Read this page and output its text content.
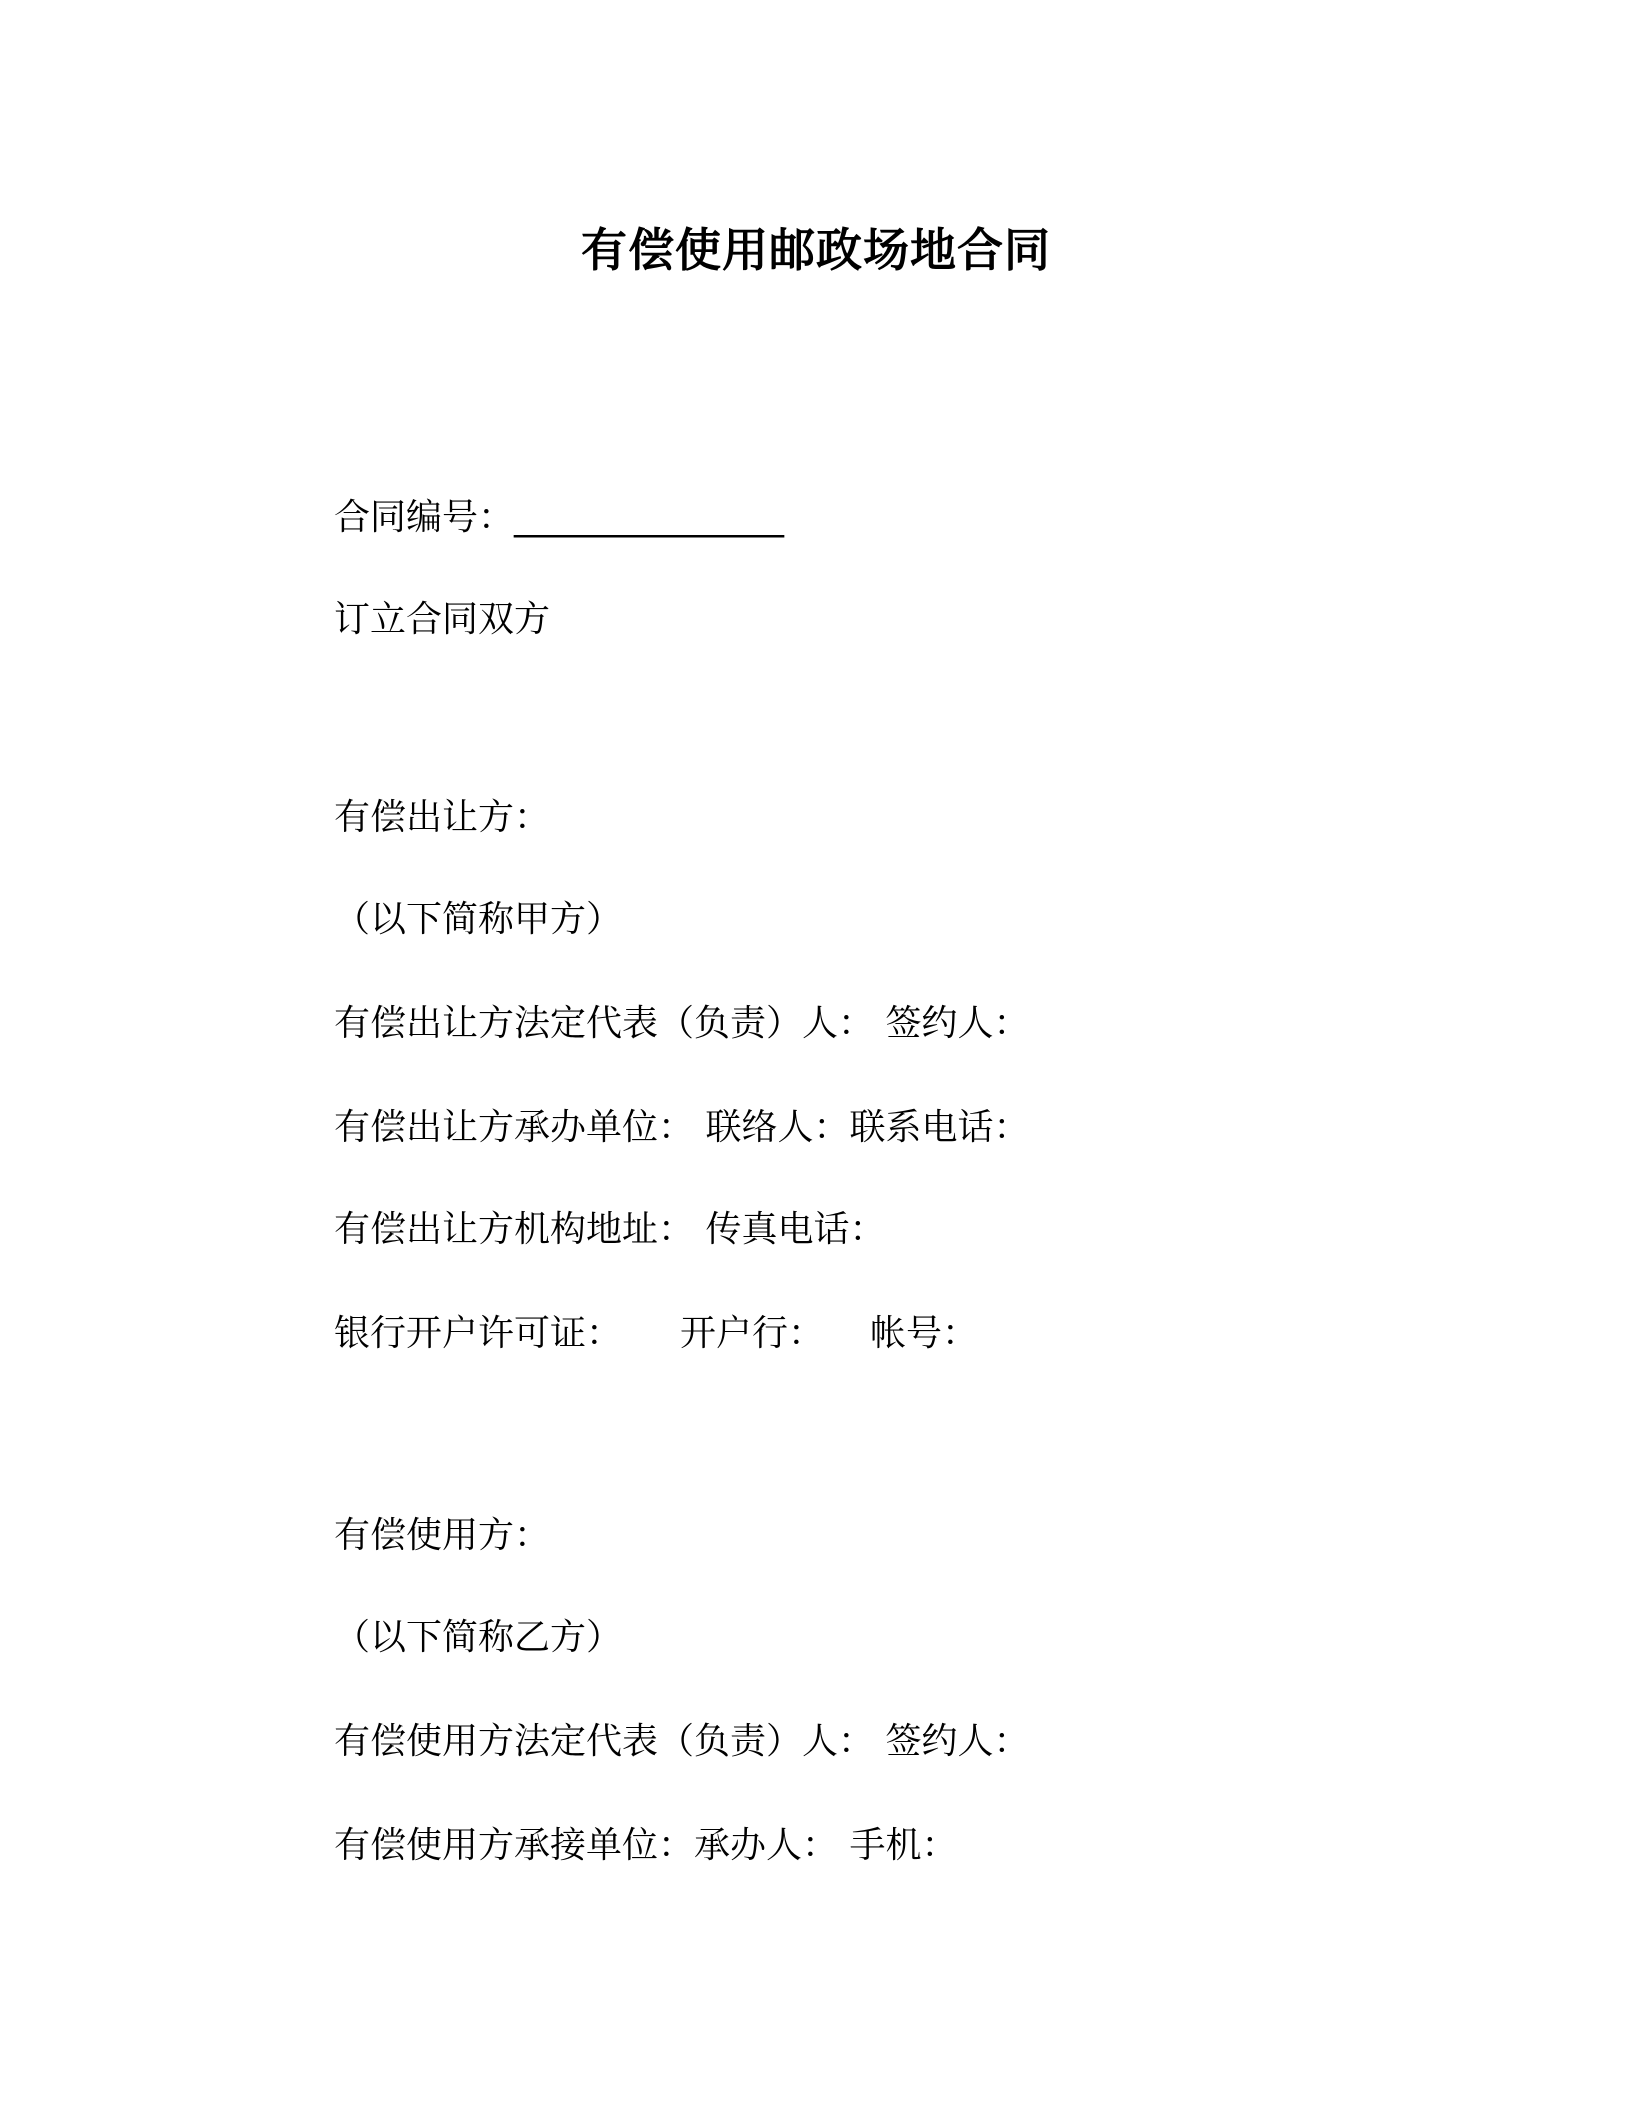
有偿使用邮政场地合同

合同编号：_______________

订立合同双方

有偿出让方：

（以下简称甲方）

有偿出让方法定代表（负责）人： 签约人：

有偿出让方承办单位： 联络人：联系电话：

有偿出让方机构地址： 传真电话：

银行开户许可证： 开户行： 帐号：

有偿使用方：

（以下简称乙方）

有偿使用方法定代表（负责）人： 签约人：

有偿使用方承接单位：承办人： 手机：
